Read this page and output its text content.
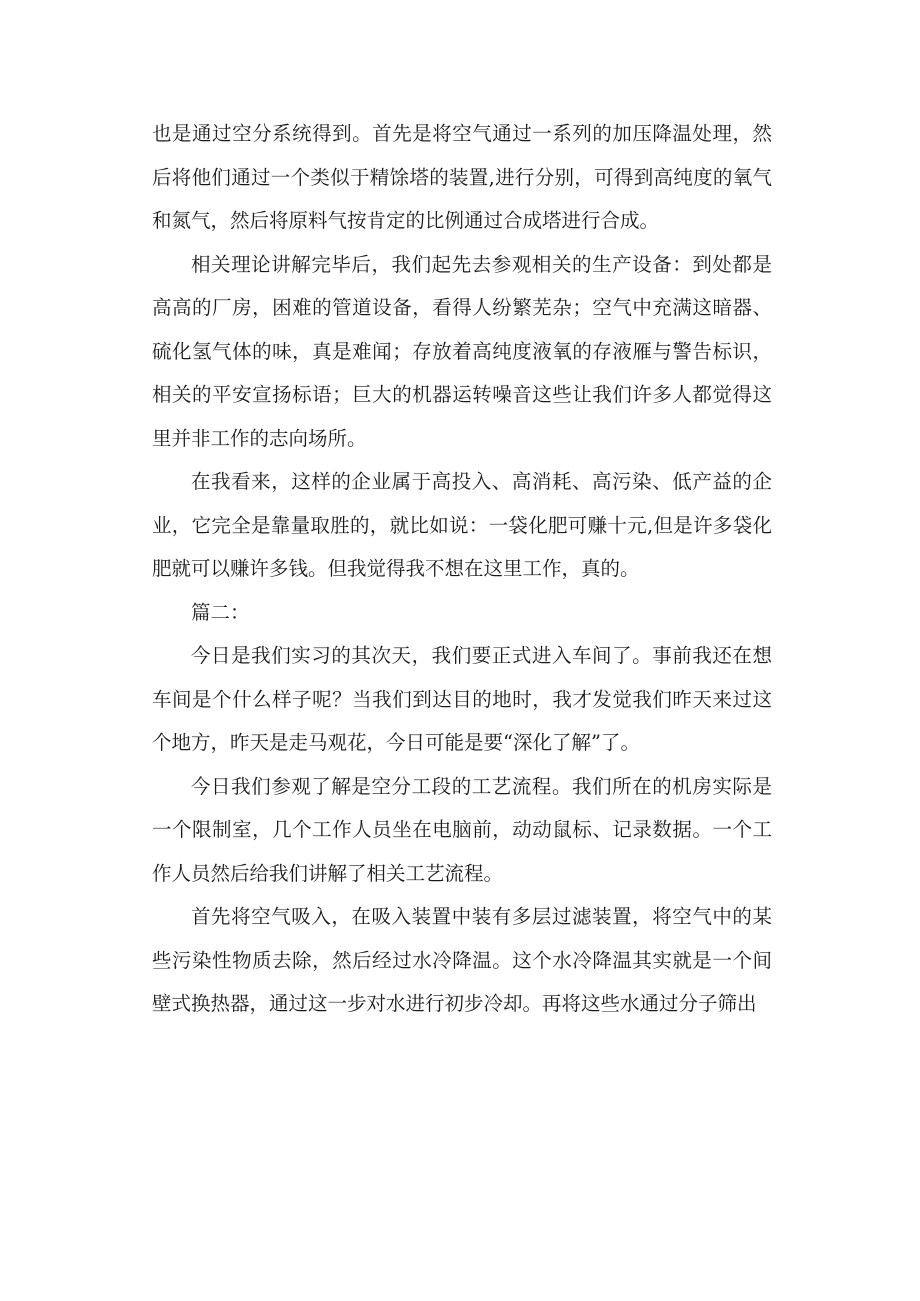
也是通过空分系统得到。首先是将空气通过一系列的加压降温处理，然后将他们通过一个类似于精馀塔的装置,进行分别，可得到高纯度的氧气和氮气，然后将原料气按肯定的比例通过合成塔进行合成。

相关理论讲解完毕后，我们起先去参观相关的生产设备：到处都是高高的厂房，困难的管道设备，看得人纷繁芜杂；空气中充满这暗器、硫化氢气体的味，真是难闻；存放着高纯度液氧的存液雁与警告标识，相关的平安宣扬标语；巨大的机器运转噪音这些让我们许多人都觉得这里并非工作的志向场所。

在我看来，这样的企业属于高投入、高消耗、高污染、低产益的企业，它完全是靠量取胜的，就比如说：一袋化肥可赚十元,但是许多袋化肥就可以赚许多钱。但我觉得我不想在这里工作，真的。

篇二：

今日是我们实习的其次天，我们要正式进入车间了。事前我还在想车间是个什么样子呢？当我们到达目的地时，我才发觉我们昨天来过这个地方，昨天是走马观花，今日可能是要“深化了解”了。

今日我们参观了解是空分工段的工艺流程。我们所在的机房实际是一个限制室，几个工作人员坐在电脑前，动动鼠标、记录数据。一个工作人员然后给我们讲解了相关工艺流程。

首先将空气吸入，在吸入装置中装有多层过滤装置，将空气中的某些污染性物质去除，然后经过水冷降温。这个水冷降温其实就是一个间壁式换热器，通过这一步对水进行初步冷却。再将这些水通过分子筛出
